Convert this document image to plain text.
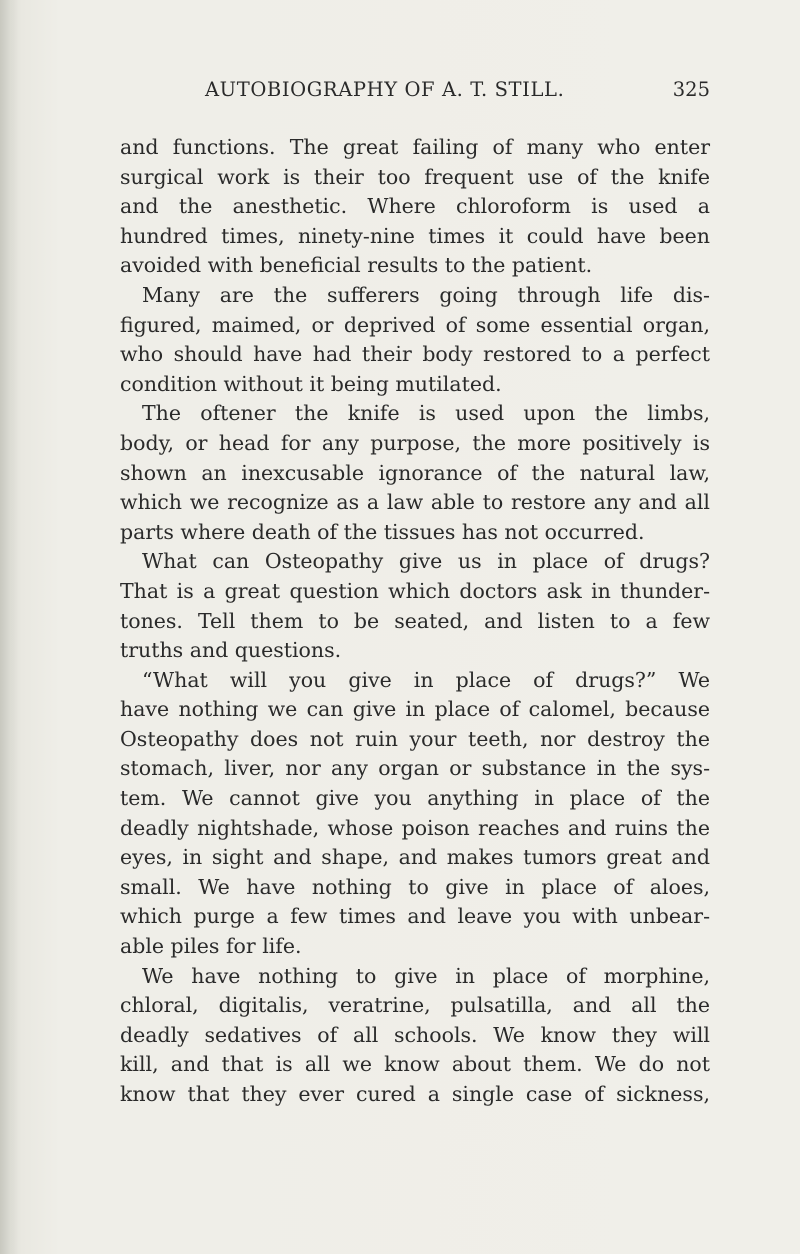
AUTOBIOGRAPHY OF A. T. STILL.	325
and functions. The great failing of many who enter
surgical work is their too frequent use of the knife
and the anesthetic. Where chloroform is used a
hundred times, ninety-nine times it could have been
avoided with beneficial results to the patient.
Many are the sufferers going through life dis-
figured, maimed, or deprived of some essential organ,
who should have had their body restored to a perfect
condition without it being mutilated.
The oftener the knife is used upon the limbs,
body, or head for any purpose, the more positively is
shown an inexcusable ignorance of the natural law,
which we recognize as a law able to restore any and all
parts where death of the tissues has not occurred.
What can Osteopathy give us in place of drugs?
That is a great question which doctors ask in thunder-
tones. Tell them to be seated, and listen to a few
truths and questions.
“What will you give in place of drugs?” We
have nothing we can give in place of calomel, because
Osteopathy does not ruin your teeth, nor destroy the
stomach, liver, nor any organ or substance in the sys-
tem. We cannot give you anything in place of the
deadly nightshade, whose poison reaches and ruins the
eyes, in sight and shape, and makes tumors great and
small. We have nothing to give in place of aloes,
which purge a few times and leave you with unbear-
able piles for life.
We have nothing to give in place of morphine,
chloral, digitalis, veratrine, pulsatilla, and all the
deadly sedatives of all schools. We know they will
kill, and that is all we know about them. We do not
know that they ever cured a single case of sickness,
